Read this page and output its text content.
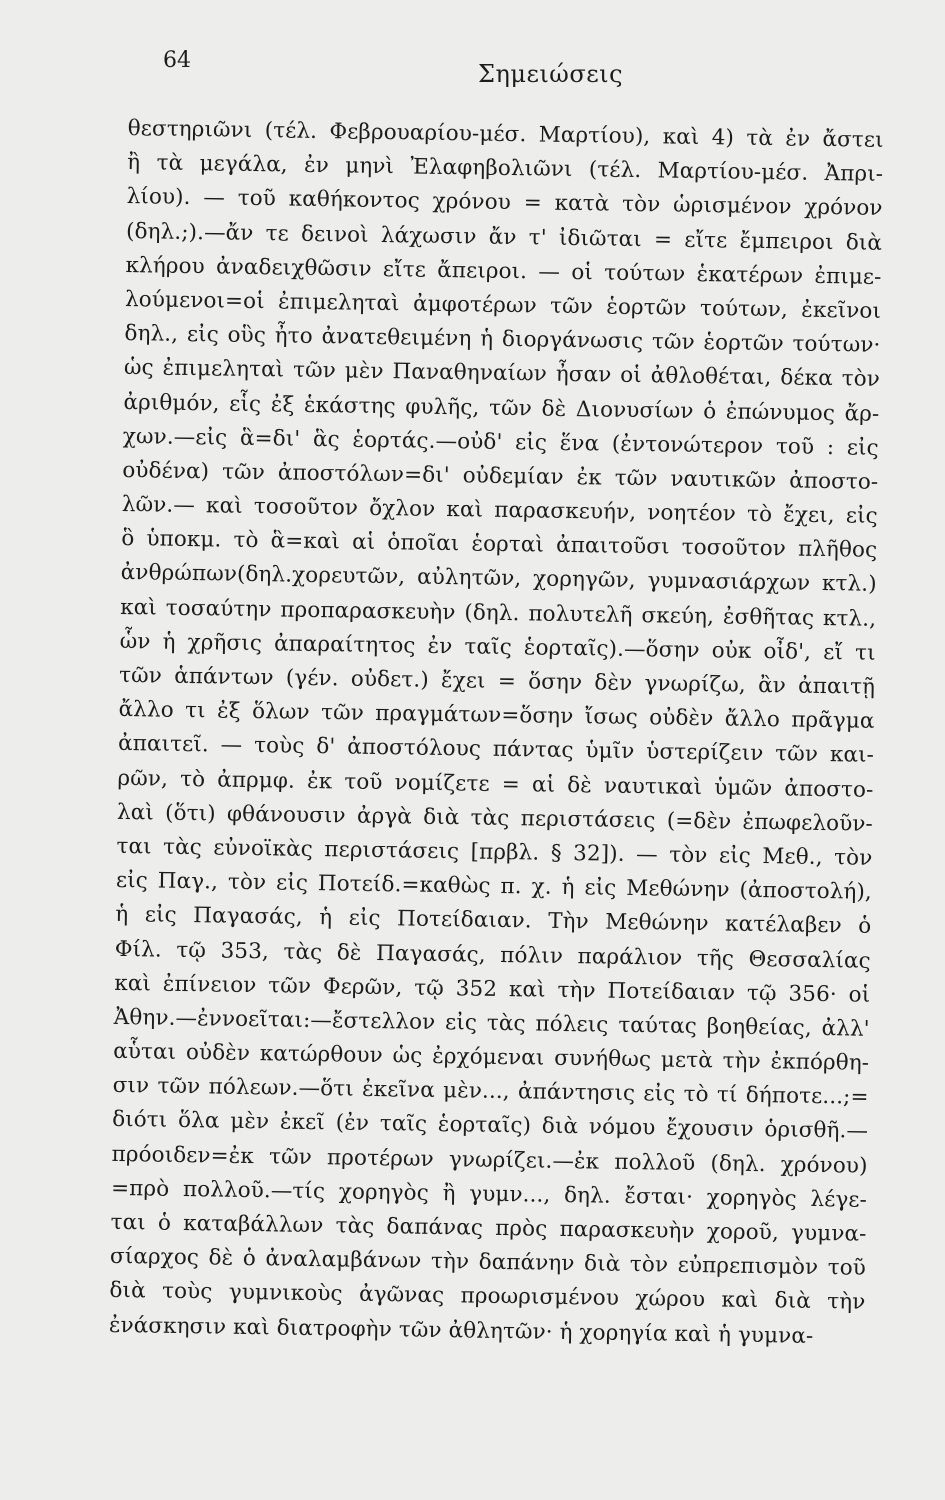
64	Σημειώσεις
θεστηριῶνι (τέλ. Φεβρουαρίου-μέσ. Μαρτίου), καὶ 4) τὰ ἐν ἄστει
ἢ τὰ μεγάλα, ἐν μηνὶ Ἐλαφηβολιῶνι (τέλ. Μαρτίου-μέσ. Ἀπρι-
λίου). — τοῦ καθήκοντος χρόνου = κατὰ τὸν ὡρισμένον χρόνον
(δηλ.;).—ἄν τε δεινοὶ λάχωσιν ἄν τ' ἰδιῶται = εἴτε ἔμπειροι διὰ
κλήρου ἀναδειχθῶσιν εἴτε ἄπειροι. — οἱ τούτων ἑκατέρων ἐπιμε-
λούμενοι=οἱ ἐπιμεληταὶ ἀμφοτέρων τῶν ἑορτῶν τούτων, ἐκεῖνοι
δηλ., εἰς οὓς ἦτο ἀνατεθειμένη ἡ διοργάνωσις τῶν ἑορτῶν τούτων·
ὡς ἐπιμεληταὶ τῶν μὲν Παναθηναίων ἦσαν οἱ ἀθλοθέται, δέκα τὸν
ἀριθμόν, εἷς ἐξ ἑκάστης φυλῆς, τῶν δὲ Διονυσίων ὁ ἐπώνυμος ἄρ-
χων.—εἰς ἃ=δι' ἃς ἑορτάς.—οὐδ' εἰς ἕνα (ἐντονώτερον τοῦ : εἰς
οὐδένα) τῶν ἀποστόλων=δι' οὐδεμίαν ἐκ τῶν ναυτικῶν ἀποστο-
λῶν.— καὶ τοσοῦτον ὄχλον καὶ παρασκευήν, νοητέον τὸ ἔχει, εἰς
ὃ ὑποκμ. τὸ ἃ=καὶ αἱ ὁποῖαι ἑορταὶ ἀπαιτοῦσι τοσοῦτον πλῆθος
ἀνθρώπων(δηλ.χορευτῶν, αὐλητῶν, χορηγῶν, γυμνασιάρχων κτλ.)
καὶ τοσαύτην προπαρασκευὴν (δηλ. πολυτελῆ σκεύη, ἐσθῆτας κτλ.,
ὧν ἡ χρῆσις ἀπαραίτητος ἐν ταῖς ἑορταῖς).—ὅσην οὐκ οἶδ', εἴ τι
τῶν ἁπάντων (γέν. οὐδετ.) ἔχει = ὅσην δὲν γνωρίζω, ἂν ἀπαιτῇ
ἄλλο τι ἐξ ὅλων τῶν πραγμάτων=ὅσην ἴσως οὐδὲν ἄλλο πρᾶγμα
ἀπαιτεῖ. — τοὺς δ' ἀποστόλους πάντας ὑμῖν ὑστερίζειν τῶν και-
ρῶν, τὸ ἀπρμφ. ἐκ τοῦ νομίζετε = αἱ δὲ ναυτικαὶ ὑμῶν ἀποστο-
λαὶ (ὅτι) φθάνουσιν ἀργὰ διὰ τὰς περιστάσεις (=δὲν ἐπωφελοῦν-
ται τὰς εὐνοϊκὰς περιστάσεις [πρβλ. § 32]). — τὸν εἰς Μεθ., τὸν
εἰς Παγ., τὸν εἰς Ποτείδ.=καθὼς π. χ. ἡ εἰς Μεθώνην (ἀποστολή),
ἡ εἰς Παγασάς, ἡ εἰς Ποτείδαιαν. Τὴν Μεθώνην κατέλαβεν ὁ
Φίλ. τῷ 353, τὰς δὲ Παγασάς, πόλιν παράλιον τῆς Θεσσαλίας
καὶ ἐπίνειον τῶν Φερῶν, τῷ 352 καὶ τὴν Ποτείδαιαν τῷ 356· οἱ
Ἀθην.—ἐννοεῖται:—ἔστελλον εἰς τὰς πόλεις ταύτας βοηθείας, ἀλλ'
αὗται οὐδὲν κατώρθουν ὡς ἐρχόμεναι συνήθως μετὰ τὴν ἐκπόρθη-
σιν τῶν πόλεων.—ὅτι ἐκεῖνα μὲν..., ἀπάντησις εἰς τὸ τί δήποτε...;=
διότι ὅλα μὲν ἐκεῖ (ἐν ταῖς ἑορταῖς) διὰ νόμου ἔχουσιν ὁρισθῆ.—
πρόοιδεν=ἐκ τῶν προτέρων γνωρίζει.—ἐκ πολλοῦ (δηλ. χρόνου)
=πρὸ πολλοῦ.—τίς χορηγὸς ἢ γυμν..., δηλ. ἔσται· χορηγὸς λέγε-
ται ὁ καταβάλλων τὰς δαπάνας πρὸς παρασκευὴν χοροῦ, γυμνα-
σίαρχος δὲ ὁ ἀναλαμβάνων τὴν δαπάνην διὰ τὸν εὐπρεπισμὸν τοῦ
διὰ τοὺς γυμνικοὺς ἀγῶνας προωρισμένου χώρου καὶ διὰ τὴν
ἐνάσκησιν καὶ διατροφὴν τῶν ἀθλητῶν· ἡ χορηγία καὶ ἡ γυμνα-
